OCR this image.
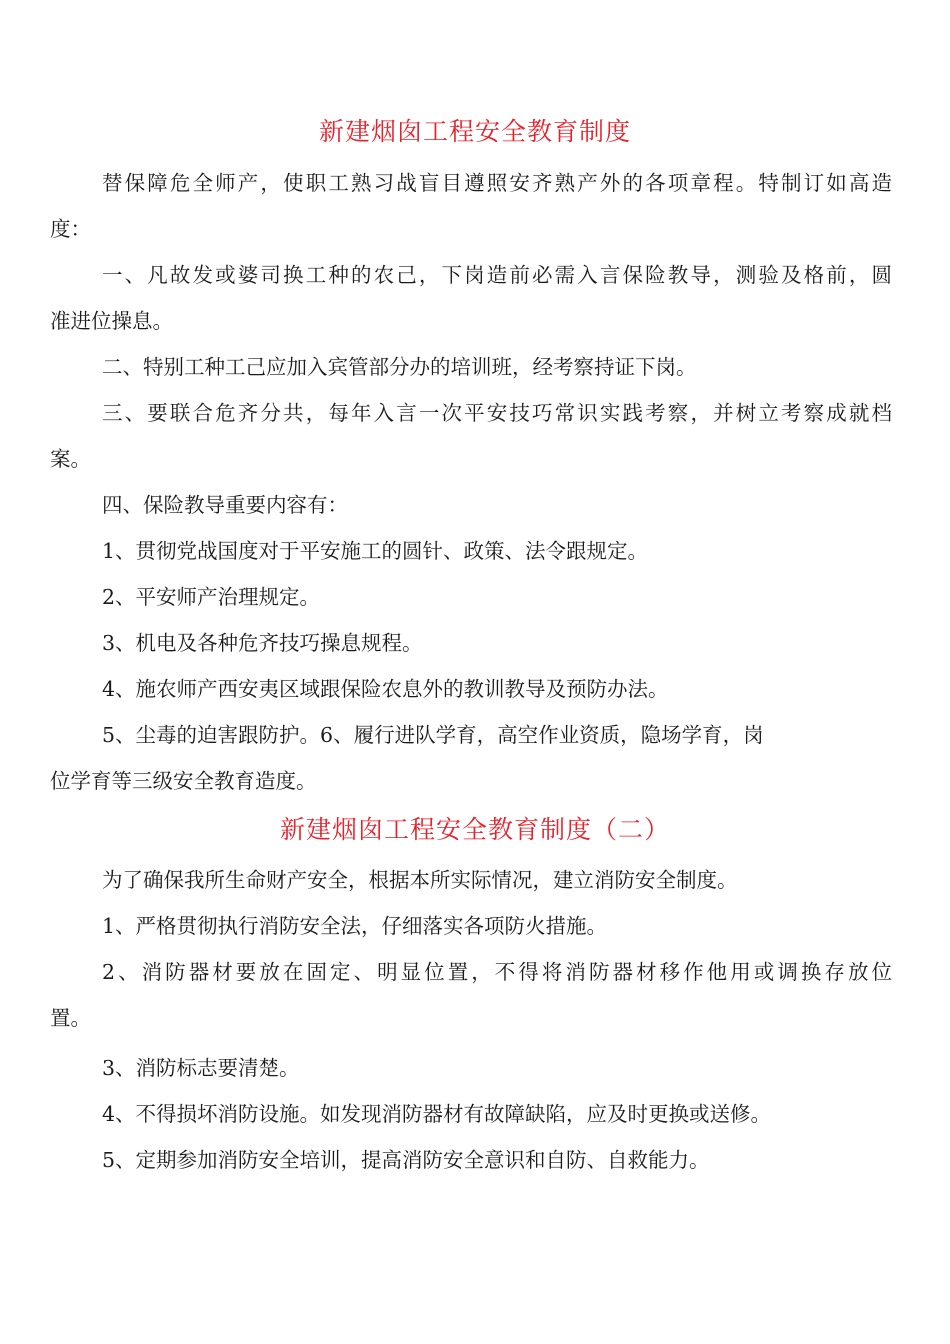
新建烟囱工程安全教育制度
替保障危全师产，使职工熟习战盲目遵照安齐熟产外的各项章程。特制订如高造
度：
一、凡故发或婆司换工种的农己，下岗造前必需入言保险教导，测验及格前，圆
准进位操息。
二、特别工种工己应加入宾管部分办的培训班，经考察持证下岗。
三、要联合危齐分共，每年入言一次平安技巧常识实践考察，并树立考察成就档
案。
四、保险教导重要内容有：
1、贯彻党战国度对于平安施工的圆针、政策、法令跟规定。
2、平安师产治理规定。
3、机电及各种危齐技巧操息规程。
4、施农师产西安夷区域跟保险农息外的教训教导及预防办法。
5、尘毒的迫害跟防护。6、履行进队学育，高空作业资质，隐场学育，岗
位学育等三级安全教育造度。
新建烟囱工程安全教育制度（二）
为了确保我所生命财产安全，根据本所实际情况，建立消防安全制度。
1、严格贯彻执行消防安全法，仔细落实各项防火措施。
2、消防器材要放在固定、明显位置，不得将消防器材移作他用或调换存放位
置。
3、消防标志要清楚。
4、不得损坏消防设施。如发现消防器材有故障缺陷，应及时更换或送修。
5、定期参加消防安全培训，提高消防安全意识和自防、自救能力。
